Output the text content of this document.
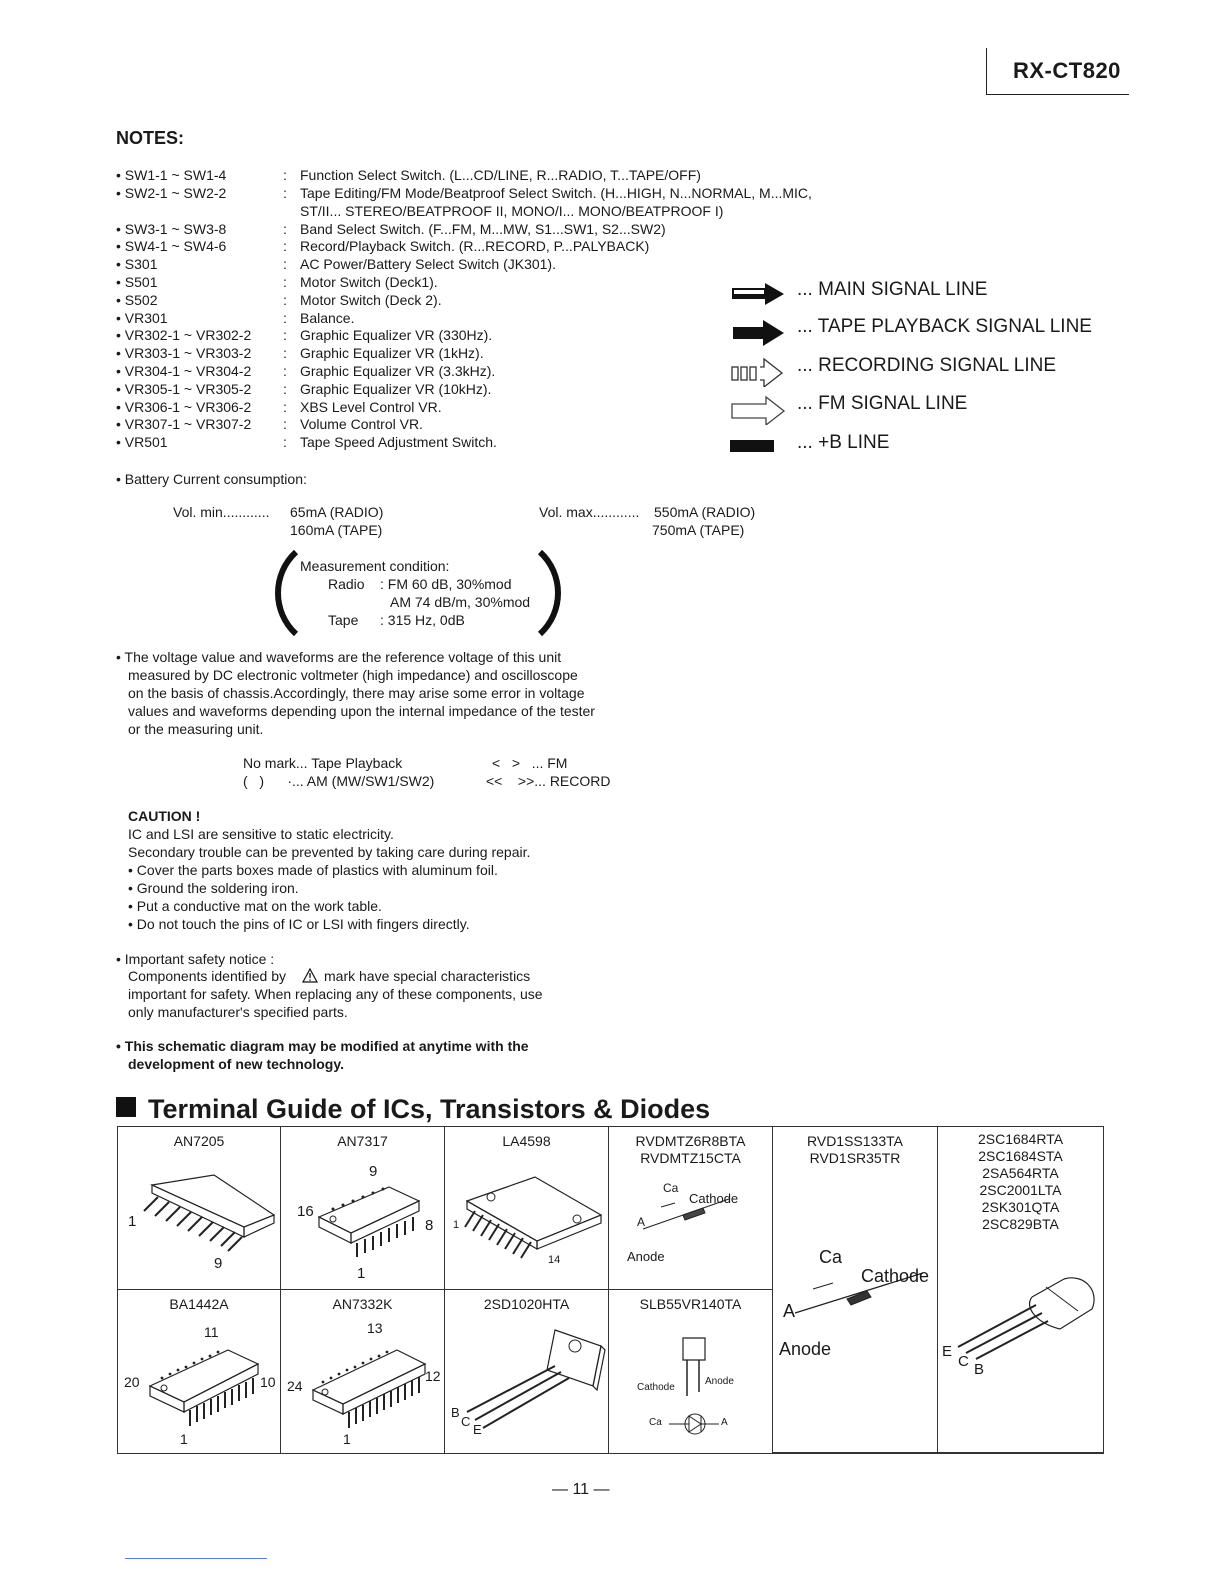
RX-CT820
NOTES:
• SW1-1 ~ SW1-4	: Function Select Switch. (L...CD/LINE, R...RADIO, T...TAPE/OFF)
• SW2-1 ~ SW2-2	: Tape Editing/FM Mode/Beatproof Select Switch. (H...HIGH, N...NORMAL, M...MIC,
ST/II... STEREO/BEATPROOF II, MONO/I... MONO/BEATPROOF I)
• SW3-1 ~ SW3-8	: Band Select Switch. (F...FM, M...MW, S1...SW1, S2...SW2)
• SW4-1 ~ SW4-6	: Record/Playback Switch. (R...RECORD, P...PALYBACK)
• S301	: AC Power/Battery Select Switch (JK301).
• S501	: Motor Switch (Deck1).
• S502	: Motor Switch (Deck 2).
• VR301	: Balance.
• VR302-1 ~ VR302-2 : Graphic Equalizer VR (330Hz).
• VR303-1 ~ VR303-2 : Graphic Equalizer VR (1kHz).
• VR304-1 ~ VR304-2 : Graphic Equalizer VR (3.3kHz).
• VR305-1 ~ VR305-2 : Graphic Equalizer VR (10kHz).
• VR306-1 ~ VR306-2 : XBS Level Control VR.
• VR307-1 ~ VR307-2 : Volume Control VR.
• VR501	: Tape Speed Adjustment Switch.
... MAIN SIGNAL LINE
... TAPE PLAYBACK SIGNAL LINE
... RECORDING SIGNAL LINE
... FM SIGNAL LINE
... +B LINE
• Battery Current consumption:
Vol. min............ 65mA (RADIO)
160mA (TAPE)
Vol. max............ 550mA (RADIO)
750mA (TAPE)
Measurement condition:
Radio : FM 60 dB, 30%mod
AM 74 dB/m, 30%mod
Tape : 315 Hz, 0dB
• The voltage value and waveforms are the reference voltage of this unit
measured by DC electronic voltmeter (high impedance) and oscilloscope
on the basis of chassis.Accordingly, there may arise some error in voltage
values and waveforms depending upon the internal impedance of the tester
or the measuring unit.
No mark... Tape Playback
(   )      ·... AM (MW/SW1/SW2)
<   >   ... FM
<<    >>... RECORD
CAUTION !
IC and LSI are sensitive to static electricity.
Secondary trouble can be prevented by taking care during repair.
• Cover the parts boxes made of plastics with aluminum foil.
• Ground the soldering iron.
• Put a conductive mat on the work table.
• Do not touch the pins of IC or LSI with fingers directly.
• Important safety notice :
Components identified by	mark have special characteristics
important for safety. When replacing any of these components, use
only manufacturer's specified parts.
• This schematic diagram may be modified at anytime with the
development of new technology.
Terminal Guide of ICs, Transistors & Diodes
AN7205
1
9
AN7317
9
16
8
1
LA4598
1
14
RVDMTZ6R8BTA
RVDMTZ15CTA
Ca
Cathode
A
Anode
RVD1SS133TA
RVD1SR35TR
Ca
Cathode
A
Anode
2SC1684RTA
2SC1684STA
2SA564RTA
2SC2001LTA
2SK301QTA
2SC829BTA
E
C B
BA1442A
11
20	10
1
AN7332K
13
24
12
1
2SD1020HTA
B
C
E
SLB55VR140TA
Cathode
Anode
Ca	A
— 11 —
